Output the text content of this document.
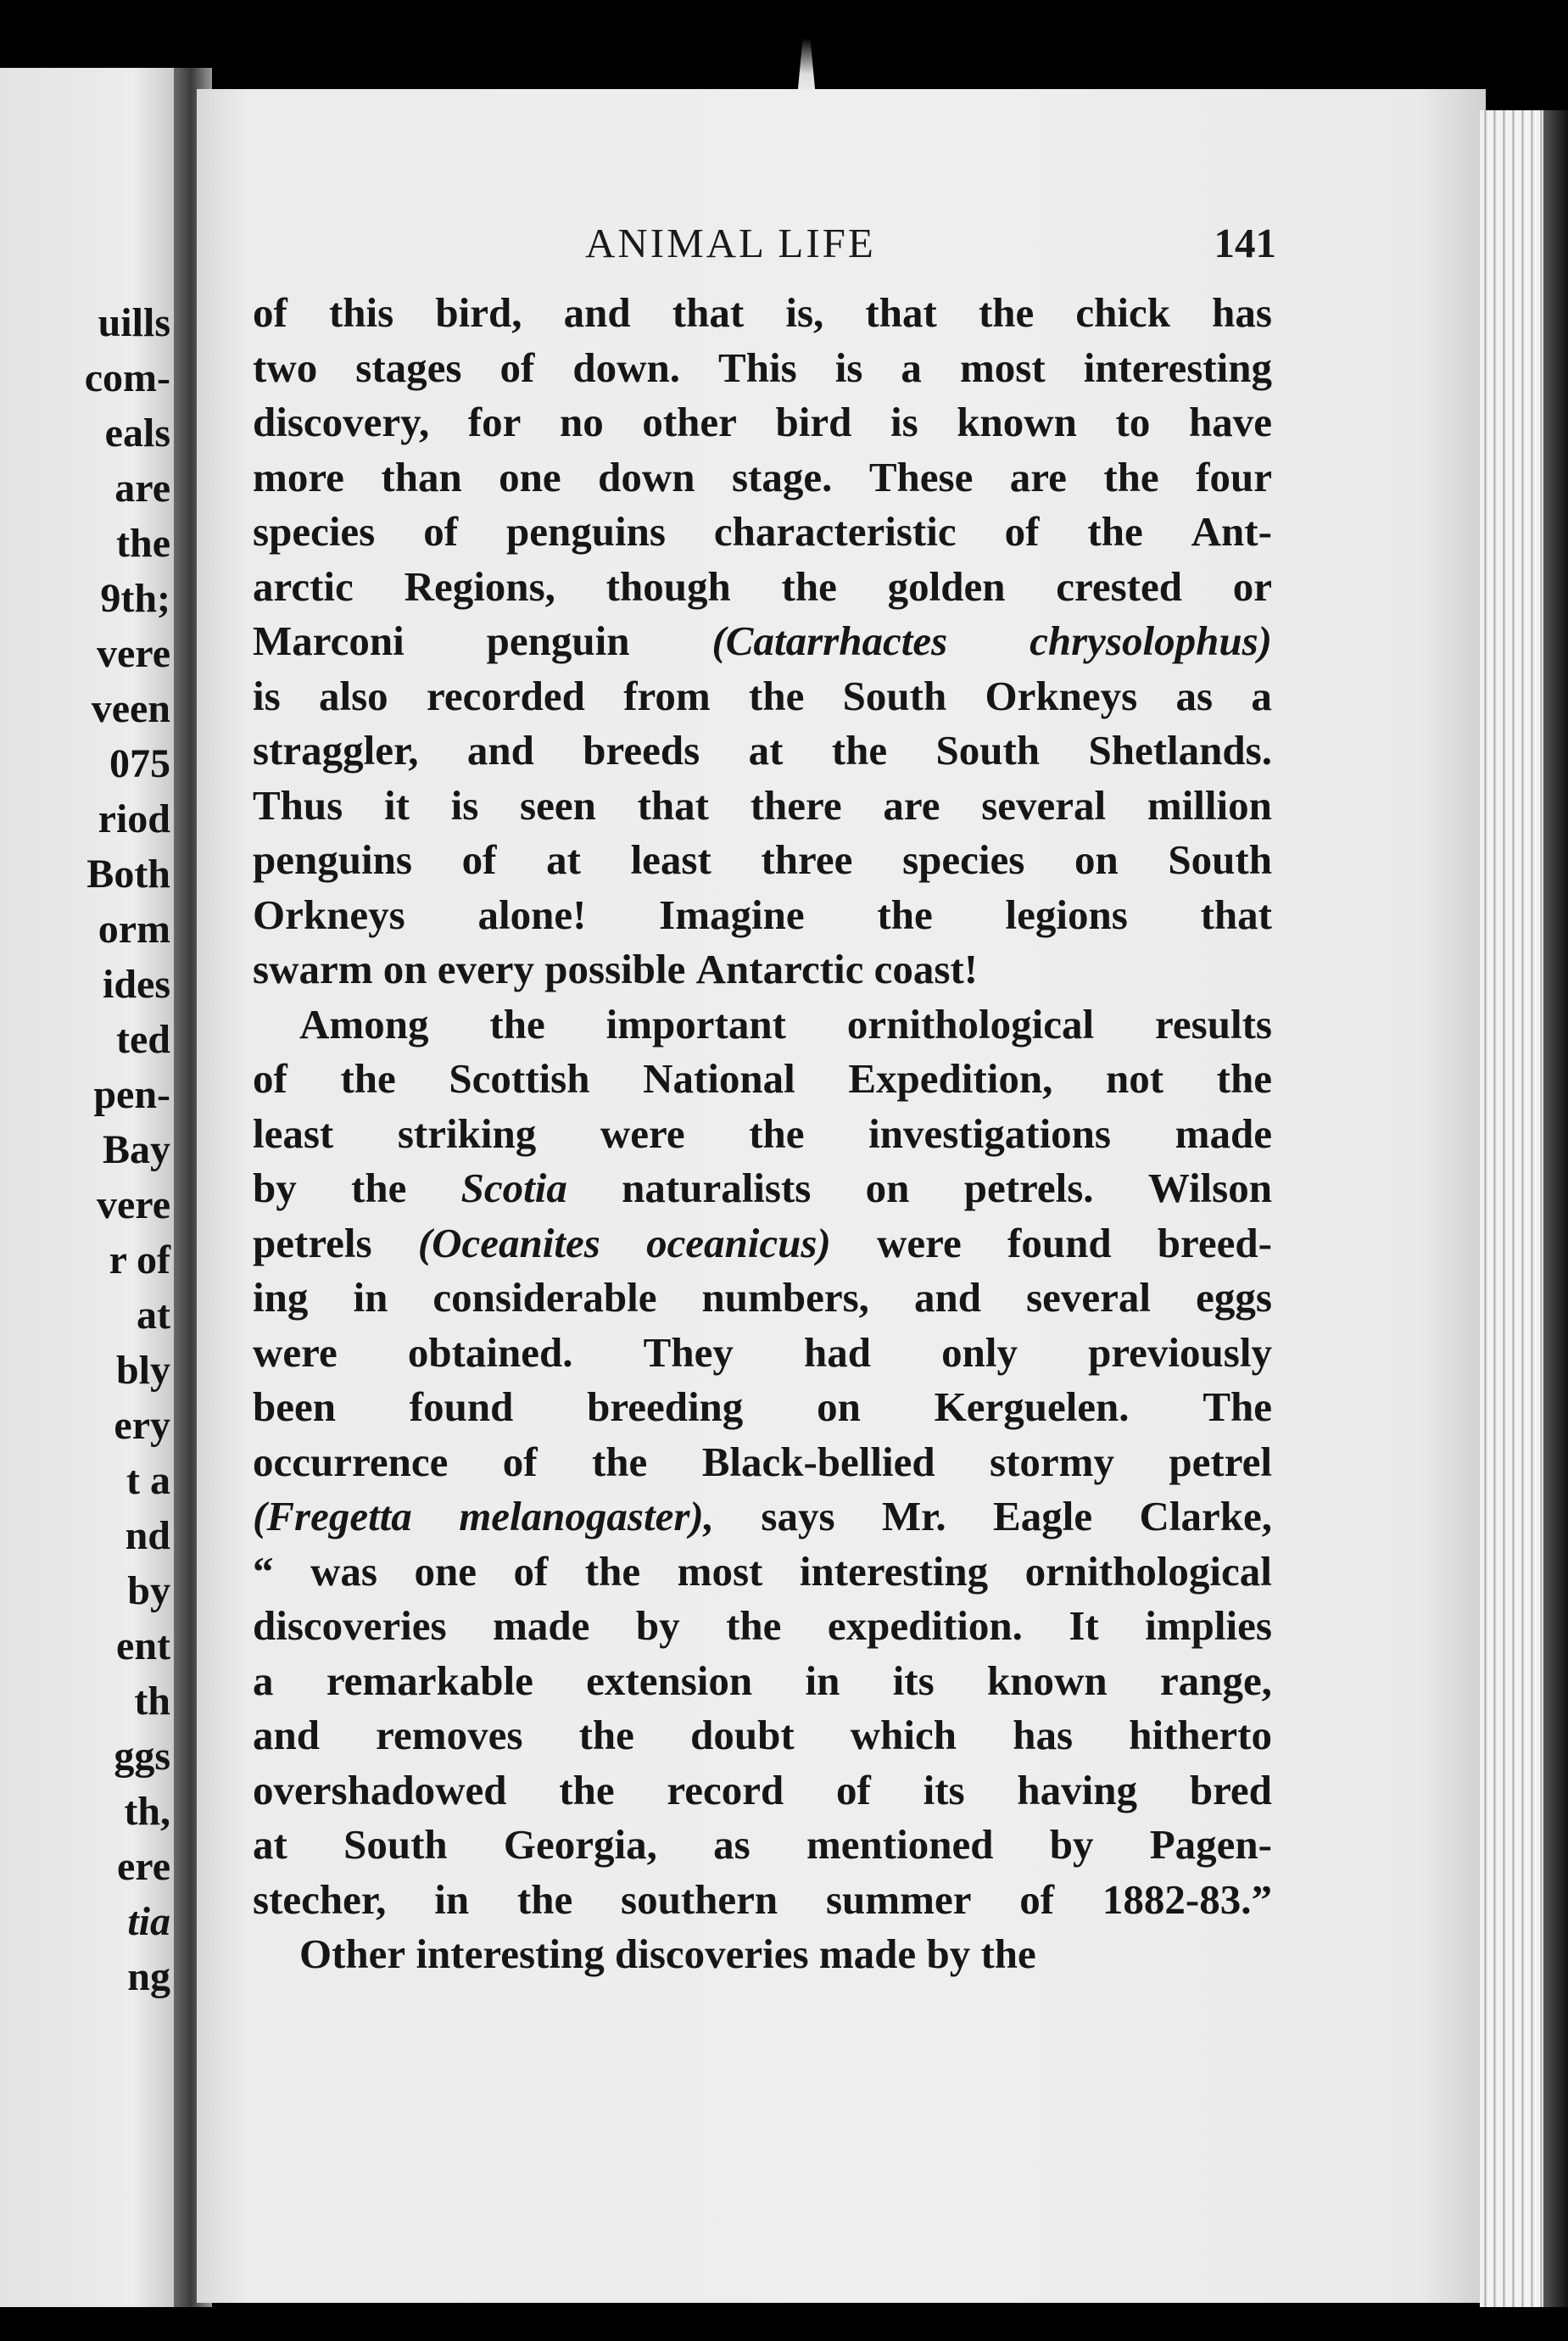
uills
com-
eals
are
the
9th;
vere
veen
075
riod
Both
orm
ides
ted
pen-
Bay
vere
r of
at
bly
ery
t a
nd
by
ent
th
ggs
th,
ere
tia
ng
ANIMAL LIFE	141
of this bird, and that is, that the chick has
two stages of down. This is a most interesting
discovery, for no other bird is known to have
more than one down stage. These are the four
species of penguins characteristic of the Ant-
arctic Regions, though the golden crested or
Marconi penguin (Catarrhactes chrysolophus)
is also recorded from the South Orkneys as a
straggler, and breeds at the South Shetlands.
Thus it is seen that there are several million
penguins of at least three species on South
Orkneys alone! Imagine the legions that
swarm on every possible Antarctic coast!
Among the important ornithological results
of the Scottish National Expedition, not the
least striking were the investigations made
by the Scotia naturalists on petrels. Wilson
petrels (Oceanites oceanicus) were found breed-
ing in considerable numbers, and several eggs
were obtained. They had only previously
been found breeding on Kerguelen. The
occurrence of the Black-bellied stormy petrel
(Fregetta melanogaster), says Mr. Eagle Clarke,
“ was one of the most interesting ornithological
discoveries made by the expedition. It implies
a remarkable extension in its known range,
and removes the doubt which has hitherto
overshadowed the record of its having bred
at South Georgia, as mentioned by Pagen-
stecher, in the southern summer of 1882-83.”
Other interesting discoveries made by the
